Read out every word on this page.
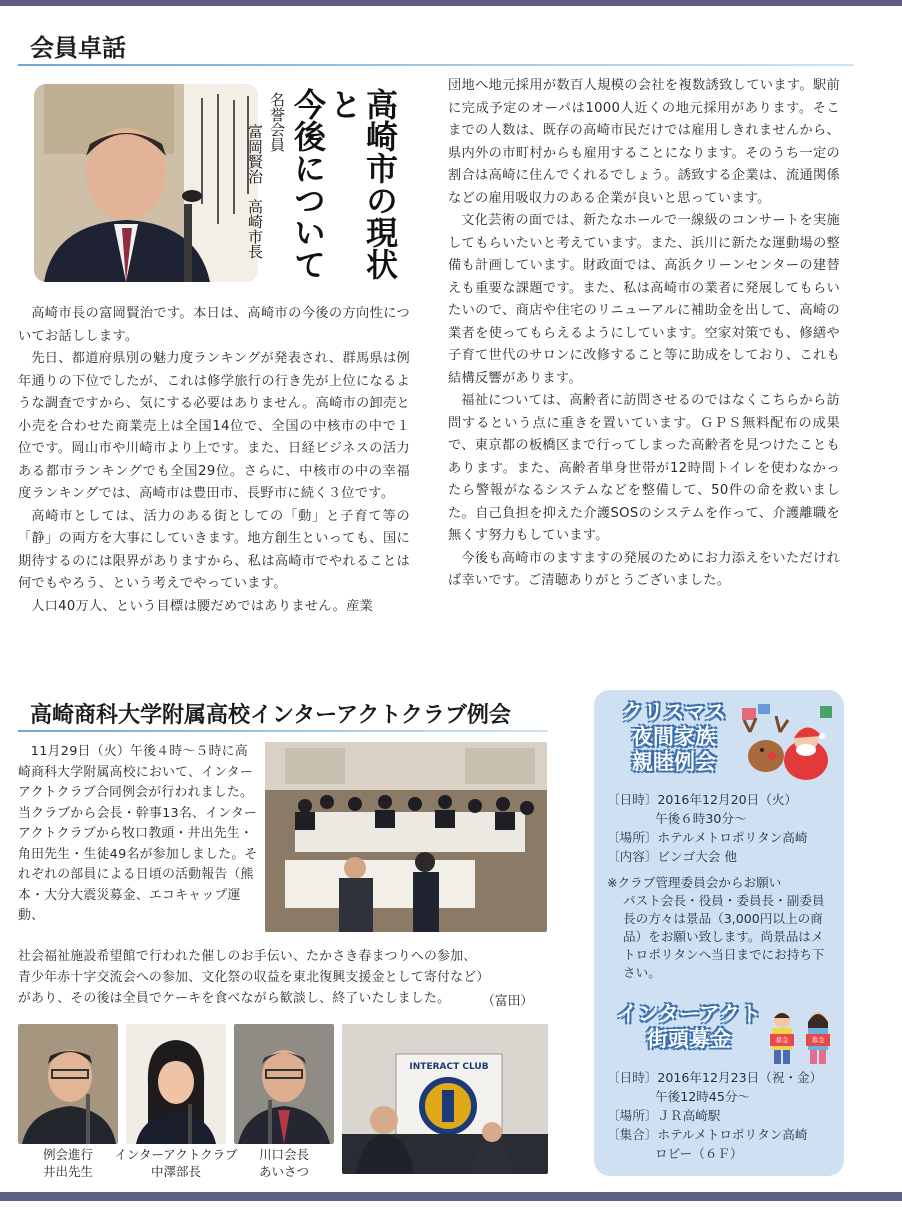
会員卓話
高崎市の現状と
今後について
名誉会員
富岡賢治　高崎市長

高崎市長の富岡賢治です。本日は、高崎市の今後の方向性についてお話しします。

先日、都道府県別の魅力度ランキングが発表され、群馬県は例年通りの下位でしたが、これは修学旅行の行き先が上位になるような調査ですから、気にする必要はありません。高崎市の卸売と小売を合わせた商業売上は全国14位で、全国の中核市の中で１位です。岡山市や川崎市より上です。また、日経ビジネスの活力ある都市ランキングでも全国29位。さらに、中核市の中の幸福度ランキングでは、高崎市は豊田市、長野市に続く３位です。

高崎市としては、活力のある街としての「動」と子育て等の「静」の両方を大事にしていきます。地方創生といっても、国に期待するのには限界がありますから、私は高崎市でやれることは何でもやろう、という考えでやっています。

人口40万人、という目標は腰だめではありません。産業

団地へ地元採用が数百人規模の会社を複数誘致しています。駅前に完成予定のオーパは1000人近くの地元採用があります。そこまでの人数は、既存の高崎市民だけでは雇用しきれませんから、県内外の市町村からも雇用することになります。そのうち一定の割合は高崎に住んでくれるでしょう。誘致する企業は、流通関係などの雇用吸収力のある企業が良いと思っています。

文化芸術の面では、新たなホールで一線級のコンサートを実施してもらいたいと考えています。また、浜川に新たな運動場の整備も計画しています。財政面では、高浜クリーンセンターの建替えも重要な課題です。また、私は高崎市の業者に発展してもらいたいので、商店や住宅のリニューアルに補助金を出して、高崎の業者を使ってもらえるようにしています。空家対策でも、修繕や子育て世代のサロンに改修すること等に助成をしており、これも結構反響があります。

福祉については、高齢者に訪問させるのではなくこちらから訪問するという点に重きを置いています。ＧＰＳ無料配布の成果で、東京都の板橋区まで行ってしまった高齢者を見つけたこともあります。また、高齢者単身世帯が12時間トイレを使わなかったら警報がなるシステムなどを整備して、50件の命を救いました。自己負担を抑えた介護SOSのシステムを作って、介護離職を無くす努力もしています。

今後も高崎市のますますの発展のためにお力添えをいただければ幸いです。ご清聴ありがとうございました。

高崎商科大学附属高校インターアクトクラブ例会

11月29日（火）午後４時～５時に高崎商科大学附属高校において、インターアクトクラブ合同例会が行われました。当クラブから会長・幹事13名、インターアクトクラブから牧口教頭・井出先生・角田先生・生徒49名が参加しました。それぞれの部員による日頃の活動報告（熊本・大分大震災募金、エコキャップ運動、

社会福祉施設希望館で行われた催しのお手伝い、たかさき春まつりへの参加、
青少年赤十字交流会への参加、文化祭の収益を東北復興支援金として寄付など）
があり、その後は全員でケーキを食べながら歓談し、終了いたしました。	（富田）
例会進行
井出先生
インターアクトクラブ
中澤部長
川口会長
あいさつ
INTERACT CLUB
クリスマス
夜間家族
親睦例会
〔日時〕2016年12月20日（火）
午後６時30分～
〔場所〕ホテルメトロポリタン高崎
〔内容〕ビンゴ大会 他
※クラブ管理委員会からお願い
パスト会長・役員・委員長・副委員長の方々は景品（3,000円以上の商品）をお願い致します。尚景品はメトロポリタンへ当日までにお持ち下さい。
インターアクト
街頭募金	募金	募金
〔日時〕2016年12月23日（祝・金）
午後12時45分～
〔場所〕ＪＲ高崎駅
〔集合〕ホテルメトロポリタン高崎
ロビー（６Ｆ）
